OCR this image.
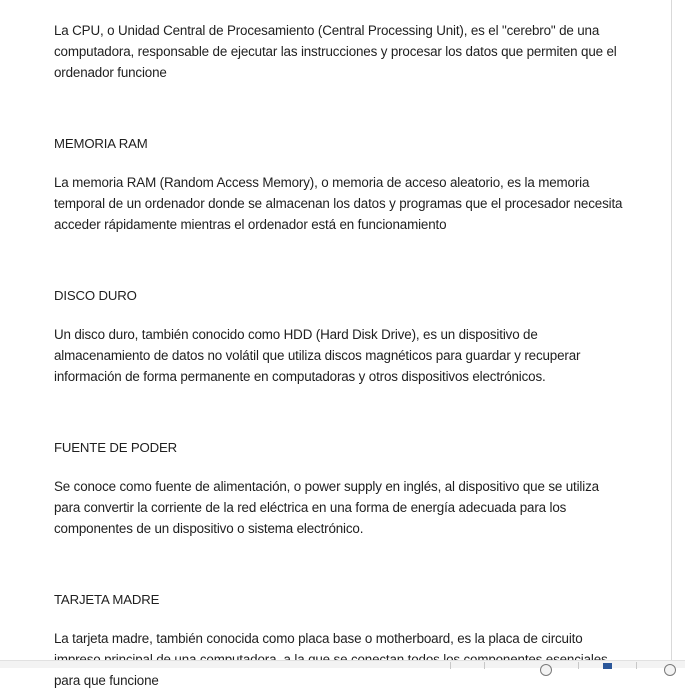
La CPU, o Unidad Central de Procesamiento (Central Processing Unit), es el "cerebro" de una computadora, responsable de ejecutar las instrucciones y procesar los datos que permiten que el ordenador funcione

MEMORIA RAM

La memoria RAM (Random Access Memory), o memoria de acceso aleatorio, es la memoria temporal de un ordenador donde se almacenan los datos y programas que el procesador necesita acceder rápidamente mientras el ordenador está en funcionamiento

DISCO DURO

Un disco duro, también conocido como HDD (Hard Disk Drive), es un dispositivo de almacenamiento de datos no volátil que utiliza discos magnéticos para guardar y recuperar información de forma permanente en computadoras y otros dispositivos electrónicos.

FUENTE DE PODER

Se conoce como fuente de alimentación, o power supply en inglés, al dispositivo que se utiliza para convertir la corriente de la red eléctrica en una forma de energía adecuada para los componentes de un dispositivo o sistema electrónico.

TARJETA MADRE

La tarjeta madre, también conocida como placa base o motherboard, es la placa de circuito para que funcione
